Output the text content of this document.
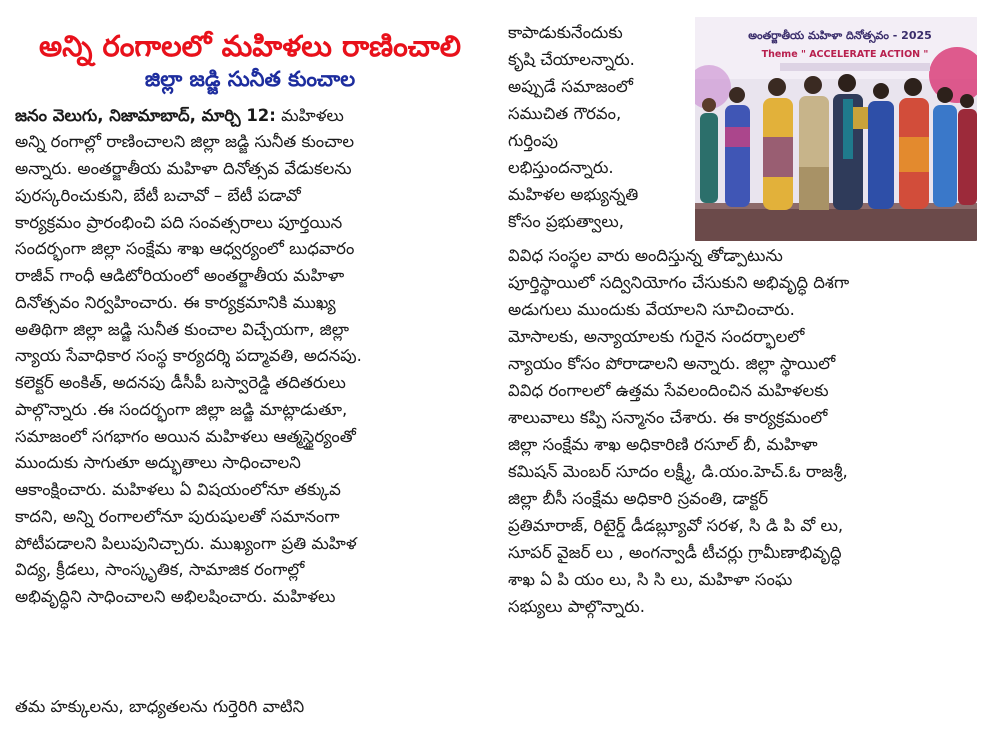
అన్ని రంగాలలో మహిళలు రాణించాలి
జిల్లా జడ్జి సునీత కుంచాల
జనం వెలుగు, నిజామాబాద్, మార్చి 12: మహిళలు
అన్ని రంగాల్లో రాణించాలని జిల్లా జడ్జి సునీత కుంచాల
అన్నారు. అంతర్జాతీయ మహిళా దినోత్సవ వేడుకలను
పురస్కరించుకుని, బేటీ బచావో – బేటీ పడావో
కార్యక్రమం ప్రారంభించి పది సంవత్సరాలు పూర్తయిన
సందర్భంగా జిల్లా సంక్షేమ శాఖ ఆధ్వర్యంలో బుధవారం
రాజీవ్ గాంధీ ఆడిటోరియంలో అంతర్జాతీయ మహిళా
దినోత్సవం నిర్వహించారు. ఈ కార్యక్రమానికి ముఖ్య
అతిథిగా జిల్లా జడ్జి సునీత కుంచాల విచ్చేయగా, జిల్లా
న్యాయ సేవాధికార సంస్థ కార్యదర్శి పద్మావతి, అదనపు.
కలెక్టర్ అంకిత్, అదనపు డీసీపీ బస్వారెడ్డి తదితరులు
పాల్గొన్నారు .ఈ సందర్భంగా జిల్లా జడ్జి మాట్లాడుతూ,
సమాజంలో సగభాగం అయిన మహిళలు ఆత్మస్థైర్యంతో
ముందుకు సాగుతూ అద్భుతాలు సాధించాలని
ఆకాంక్షించారు. మహిళలు ఏ విషయంలోనూ తక్కువ
కాదని, అన్ని రంగాలలోనూ పురుషులతో సమానంగా
పోటీపడాలని పిలుపునిచ్చారు. ముఖ్యంగా ప్రతి మహిళ
విద్య, క్రీడలు, సాంస్కృతిక, సామాజిక రంగాల్లో
అభివృద్ధిని సాధించాలని అభిలషించారు. మహిళలు
తమ హక్కులను, బాధ్యతలను గుర్తెరిగి వాటిని
కాపాడుకునేందుకు
కృషి చేయాలన్నారు.
అప్పుడే సమాజంలో
సముచిత గౌరవం,
గుర్తింపు
లభిస్తుందన్నారు.
మహిళల అభ్యున్నతి
కోసం ప్రభుత్వాలు,
వివిధ సంస్థల వారు అందిస్తున్న తోడ్పాటును
పూర్తిస్థాయిలో సద్వినియోగం చేసుకుని అభివృద్ధి దిశగా
అడుగులు ముందుకు వేయాలని సూచించారు.
మోసాలకు, అన్యాయాలకు గురైన సందర్భాలలో
న్యాయం కోసం పోరాడాలని అన్నారు. జిల్లా స్థాయిలో
వివిధ రంగాలలో ఉత్తమ సేవలందించిన మహిళలకు
శాలువాలు కప్పి సన్మానం చేశారు. ఈ కార్యక్రమంలో
జిల్లా సంక్షేమ శాఖ అధికారిణి రసూల్ బీ, మహిళా
కమిషన్ మెంబర్ సూదం లక్ష్మీ, డి.యం.హెచ్.ఓ రాజశ్రీ,
జిల్లా బీసీ సంక్షేమ అధికారి స్రవంతి, డాక్టర్
ప్రతిమారాజ్, రిటైర్డ్ డీడబ్ల్యూవో సరళ, సి డి పి వో లు,
సూపర్ వైజర్ లు , అంగన్వాడీ టీచర్లు గ్రామీణాభివృద్ధి
శాఖ ఏ పి యం లు, సి సి లు, మహిళా సంఘ
సభ్యులు పాల్గొన్నారు.
అంతర్జాతీయ మహిళా దినోత్సవం - 2025
Theme " ACCELERATE ACTION "
